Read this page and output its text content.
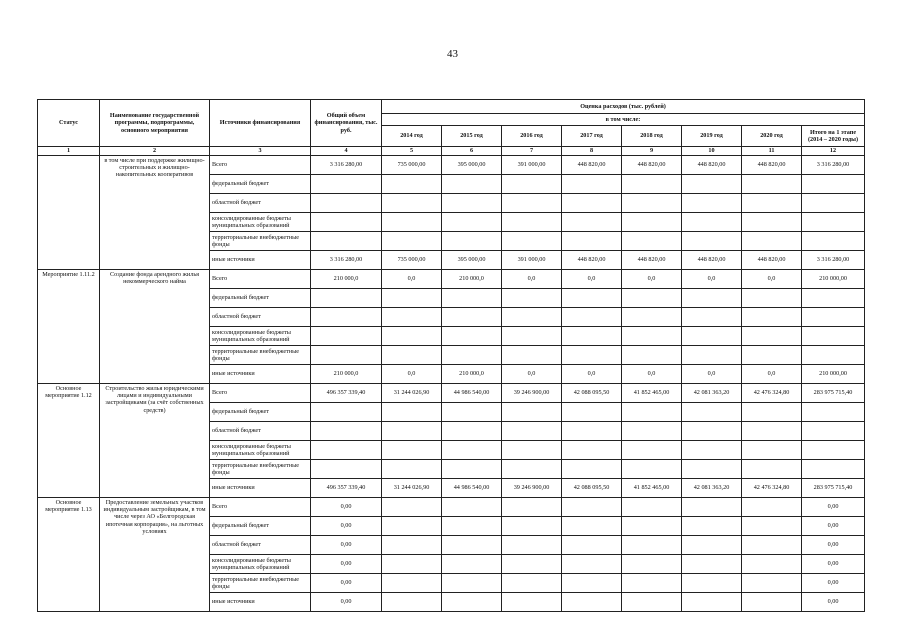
43
Статус	Наименование государственной программы, подпрограммы, основного мероприятия	Источники финансирования	Общий объем финансирования, тыс. руб.	Оценка расходов (тыс. рублей)							
				в том числе:							
				2014 год	2015 год	2016 год	2017 год	2018 год	2019 год	2020 год	Итого на 1 этапе (2014 – 2020 годы)
1	2	3	4	5	6	7	8	9	10	11	12
	в том числе при поддержке жилищно-строительных и жилищно-накопительных кооперативов	Всего	3 316 280,00	735 000,00	395 000,00	391 000,00	448 820,00	448 820,00	448 820,00	448 820,00	3 316 280,00
		федеральный бюджет									
		областной бюджет									
		консолидированные бюджеты муниципальных образований									
		территориальные внебюджетные фонды									
		иные источники	3 316 280,00	735 000,00	395 000,00	391 000,00	448 820,00	448 820,00	448 820,00	448 820,00	3 316 280,00
Мероприятие 1.11.2	Создание фонда арендного жилья некоммерческого найма	Всего	210 000,0	0,0	210 000,0	0,0	0,0	0,0	0,0	0,0	210 000,00
		федеральный бюджет									
		областной бюджет									
		консолидированные бюджеты муниципальных образований									
		территориальные внебюджетные фонды									
		иные источники	210 000,0	0,0	210 000,0	0,0	0,0	0,0	0,0	0,0	210 000,00
Основное мероприятие 1.12	Строительство жилья юридическими лицами и индивидуальными застройщиками (за счёт собственных средств)	Всего	496 357 339,40	31 244 026,90	44 986 540,00	39 246 900,00	42 088 095,50	41 852 465,00	42 081 363,20	42 476 324,80	283 975 715,40
		федеральный бюджет									
		областной бюджет									
		консолидированные бюджеты муниципальных образований									
		территориальные внебюджетные фонды									
		иные источники	496 357 339,40	31 244 026,90	44 986 540,00	39 246 900,00	42 088 095,50	41 852 465,00	42 081 363,20	42 476 324,80	283 975 715,40
Основное мероприятие 1.13	Предоставление земельных участков индивидуальным застройщикам, в том числе через АО «Белгородская ипотечная корпорация», на льготных условиях	Всего	0,00								0,00
		федеральный бюджет	0,00								0,00
		областной бюджет	0,00								0,00
		консолидированные бюджеты муниципальных образований	0,00								0,00
		территориальные внебюджетные фонды	0,00								0,00
		иные источники	0,00								0,00
